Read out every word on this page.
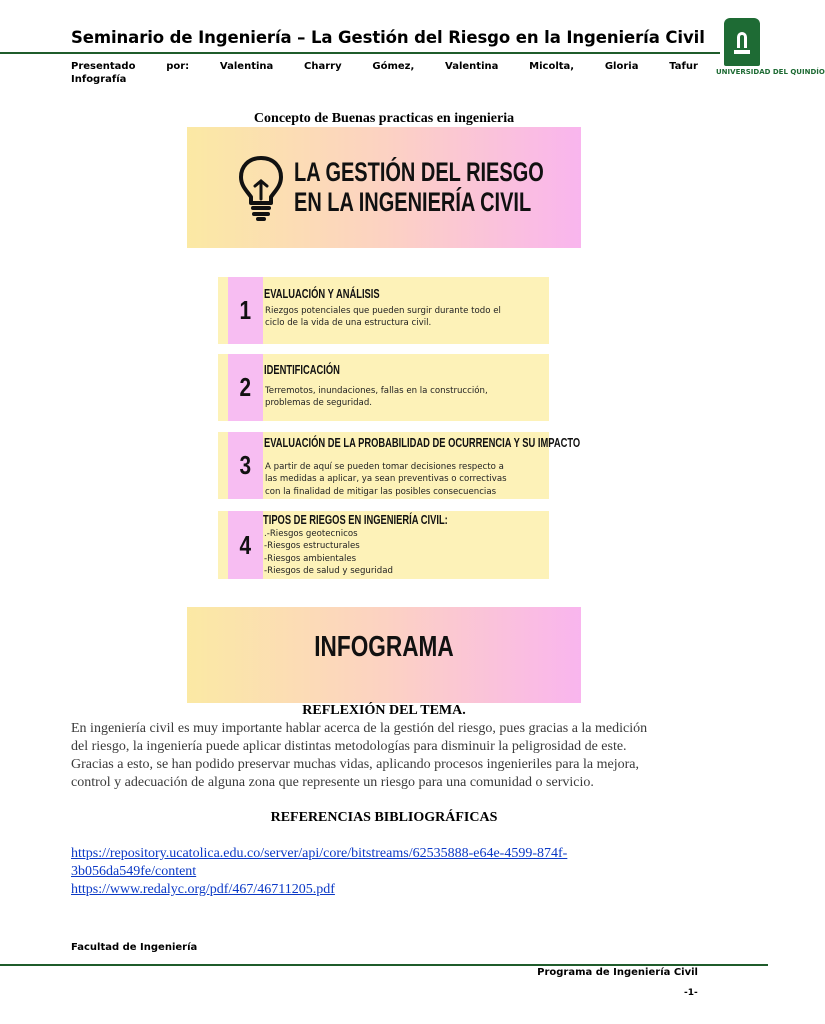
Seminario de Ingeniería – La Gestión del Riesgo en la Ingeniería Civil
UNIVERSIDAD DEL QUINDÍO
Presentado	por:	Valentina	Charry	Gómez,	Valentina	Micolta,	Gloria	Tafur
Infografía
Concepto de Buenas practicas en ingenieria
LA GESTIÓN DEL RIESGO
EN LA INGENIERÍA CIVIL
1
EVALUACIÓN Y ANÁLISIS
Riezgos potenciales que pueden surgir durante todo el
ciclo de la vida de una estructura civil.
2
IDENTIFICACIÓN
Terremotos, inundaciones, fallas en la construcción,
problemas de seguridad.
3
EVALUACIÓN DE LA PROBABILIDAD DE OCURRENCIA Y SU IMPACTO
A partir de aquí se pueden tomar decisiones respecto a
las medidas a aplicar, ya sean preventivas o correctivas
con la finalidad de mitigar las posibles consecuencias
4
TIPOS DE RIEGOS EN INGENIERÍA CIVIL:
.-Riesgos geotecnicos
-Riesgos estructurales
-Riesgos ambientales
-Riesgos de salud y seguridad
INFOGRAMA
REFLEXIÓN DEL TEMA.
En ingeniería civil es muy importante hablar acerca de la gestión del riesgo, pues gracias a la medición
del riesgo, la ingeniería puede aplicar distintas metodologías para disminuir la peligrosidad de este.
Gracias a esto, se han podido preservar muchas vidas, aplicando procesos ingenieriles para la mejora,
control y adecuación de alguna zona que represente un riesgo para una comunidad o servicio.
REFERENCIAS BIBLIOGRÁFICAS
https://repository.ucatolica.edu.co/server/api/core/bitstreams/62535888-e64e-4599-874f-
3b056da549fe/content
https://www.redalyc.org/pdf/467/46711205.pdf
Facultad de Ingeniería
Programa de Ingeniería Civil
-1-
